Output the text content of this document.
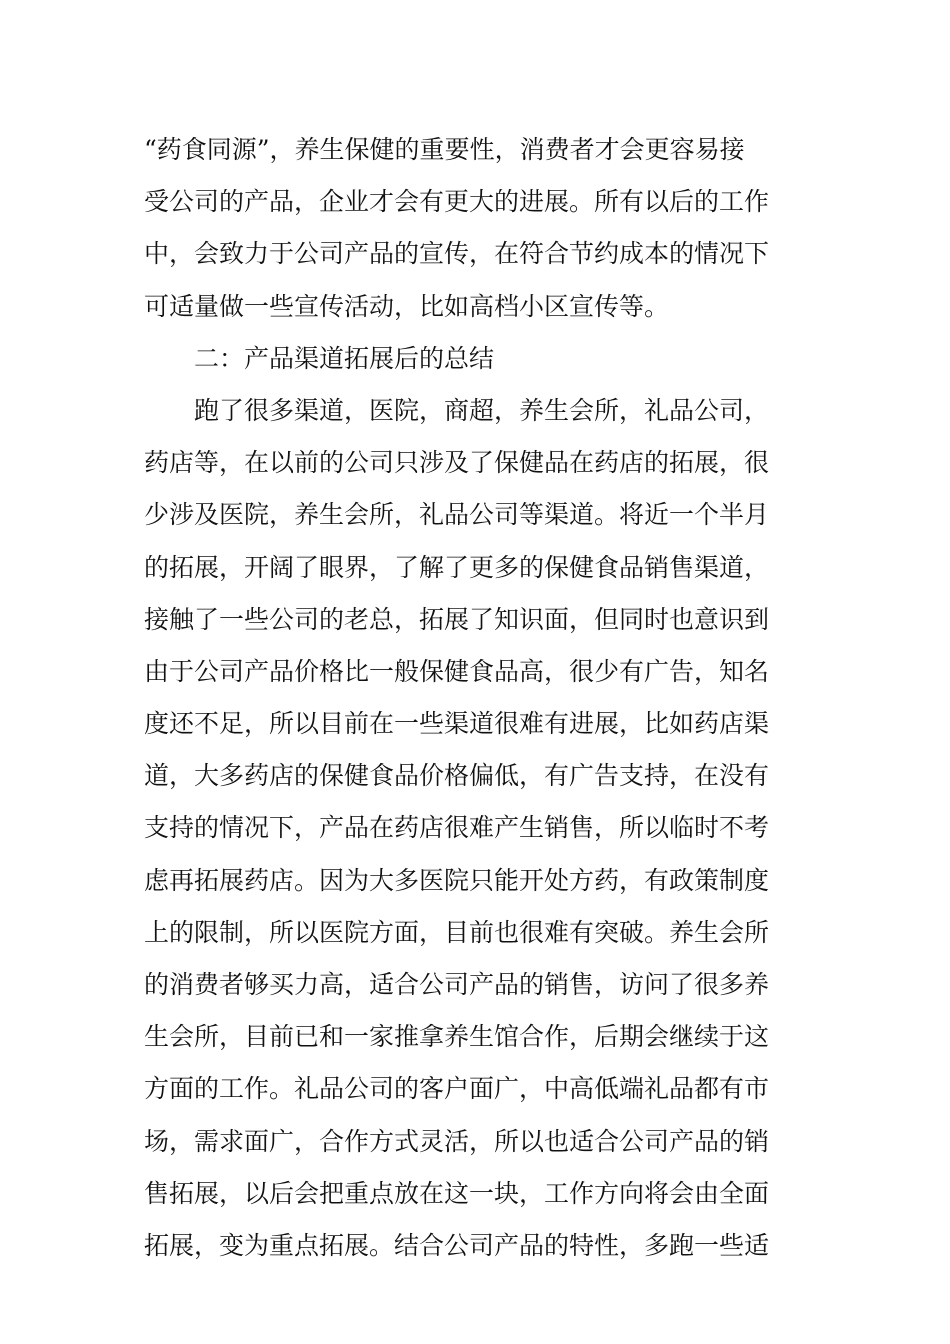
“药食同源”，养生保健的重要性，消费者才会更容易接
受公司的产品，企业才会有更大的进展。所有以后的工作
中，会致力于公司产品的宣传，在符合节约成本的情况下
可适量做一些宣传活动，比如高档小区宣传等。
二：产品渠道拓展后的总结
跑了很多渠道，医院，商超，养生会所，礼品公司，
药店等，在以前的公司只涉及了保健品在药店的拓展，很
少涉及医院，养生会所，礼品公司等渠道。将近一个半月
的拓展，开阔了眼界，了解了更多的保健食品销售渠道，
接触了一些公司的老总，拓展了知识面，但同时也意识到
由于公司产品价格比一般保健食品高，很少有广告，知名
度还不足，所以目前在一些渠道很难有进展，比如药店渠
道，大多药店的保健食品价格偏低，有广告支持，在没有
支持的情况下，产品在药店很难产生销售，所以临时不考
虑再拓展药店。因为大多医院只能开处方药，有政策制度
上的限制，所以医院方面，目前也很难有突破。养生会所
的消费者够买力高，适合公司产品的销售，访问了很多养
生会所，目前已和一家推拿养生馆合作，后期会继续于这
方面的工作。礼品公司的客户面广，中高低端礼品都有市
场，需求面广，合作方式灵活，所以也适合公司产品的销
售拓展，以后会把重点放在这一块，工作方向将会由全面
拓展，变为重点拓展。结合公司产品的特性，多跑一些适
